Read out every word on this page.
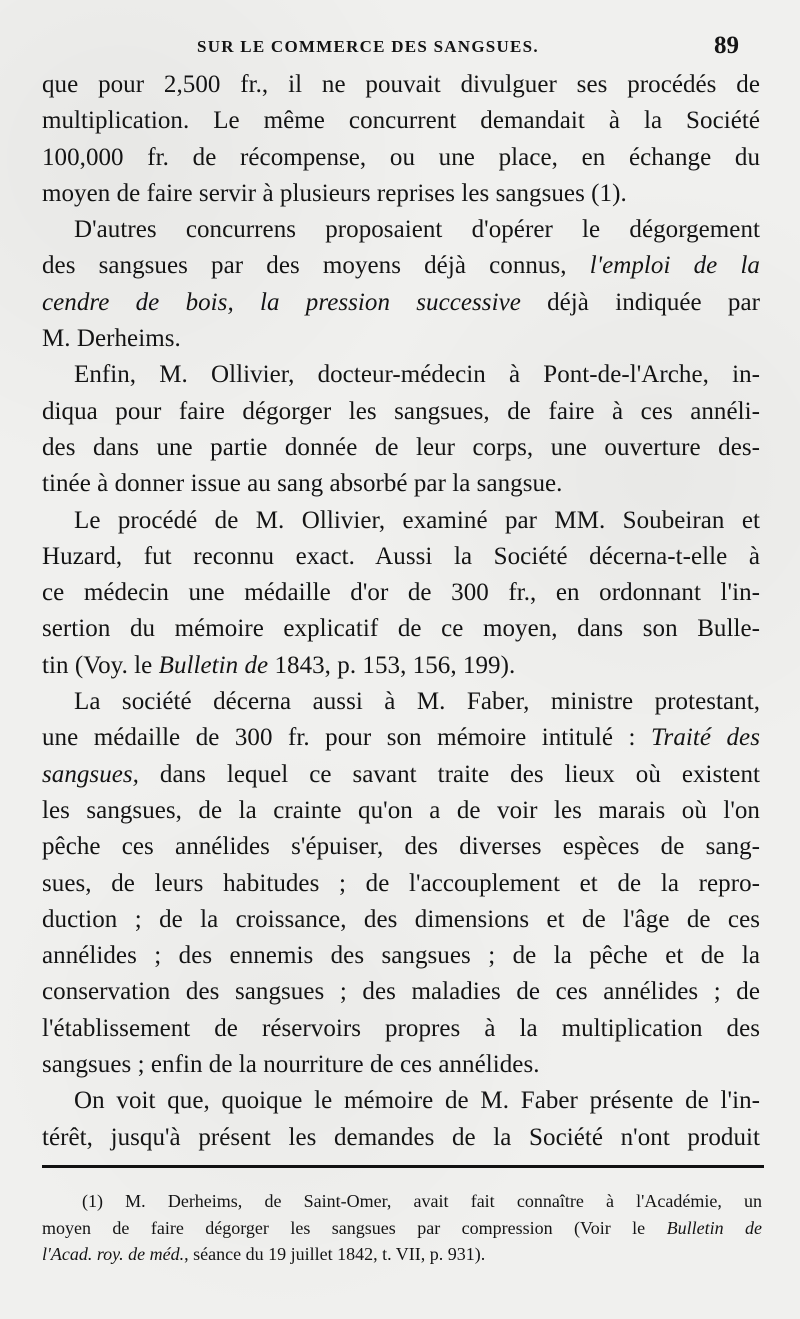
SUR LE COMMERCE DES SANGSUES.	89
que pour 2,500 fr., il ne pouvait divulguer ses procédés de
multiplication. Le même concurrent demandait à la Société
100,000 fr. de récompense, ou une place, en échange du
moyen de faire servir à plusieurs reprises les sangsues (1).
D'autres concurrens proposaient d'opérer le dégorgement
des sangsues par des moyens déjà connus, l'emploi de la
cendre de bois, la pression successive déjà indiquée par
M. Derheims.
Enfin, M. Ollivier, docteur-médecin à Pont-de-l'Arche, in-
diqua pour faire dégorger les sangsues, de faire à ces annéli-
des dans une partie donnée de leur corps, une ouverture des-
tinée à donner issue au sang absorbé par la sangsue.
Le procédé de M. Ollivier, examiné par MM. Soubeiran et
Huzard, fut reconnu exact. Aussi la Société décerna-t-elle à
ce médecin une médaille d'or de 300 fr., en ordonnant l'in-
sertion du mémoire explicatif de ce moyen, dans son Bulle-
tin (Voy. le Bulletin de 1843, p. 153, 156, 199).
La société décerna aussi à M. Faber, ministre protestant,
une médaille de 300 fr. pour son mémoire intitulé : Traité des
sangsues, dans lequel ce savant traite des lieux où existent
les sangsues, de la crainte qu'on a de voir les marais où l'on
pêche ces annélides s'épuiser, des diverses espèces de sang-
sues, de leurs habitudes ; de l'accouplement et de la repro-
duction ; de la croissance, des dimensions et de l'âge de ces
annélides ; des ennemis des sangsues ; de la pêche et de la
conservation des sangsues ; des maladies de ces annélides ; de
l'établissement de réservoirs propres à la multiplication des
sangsues ; enfin de la nourriture de ces annélides.
On voit que, quoique le mémoire de M. Faber présente de l'in-
térêt, jusqu'à présent les demandes de la Société n'ont produit
(1) M. Derheims, de Saint-Omer, avait fait connaître à l'Académie, un
moyen de faire dégorger les sangsues par compression (Voir le Bulletin de
l'Acad. roy. de méd., séance du 19 juillet 1842, t. VII, p. 931).
